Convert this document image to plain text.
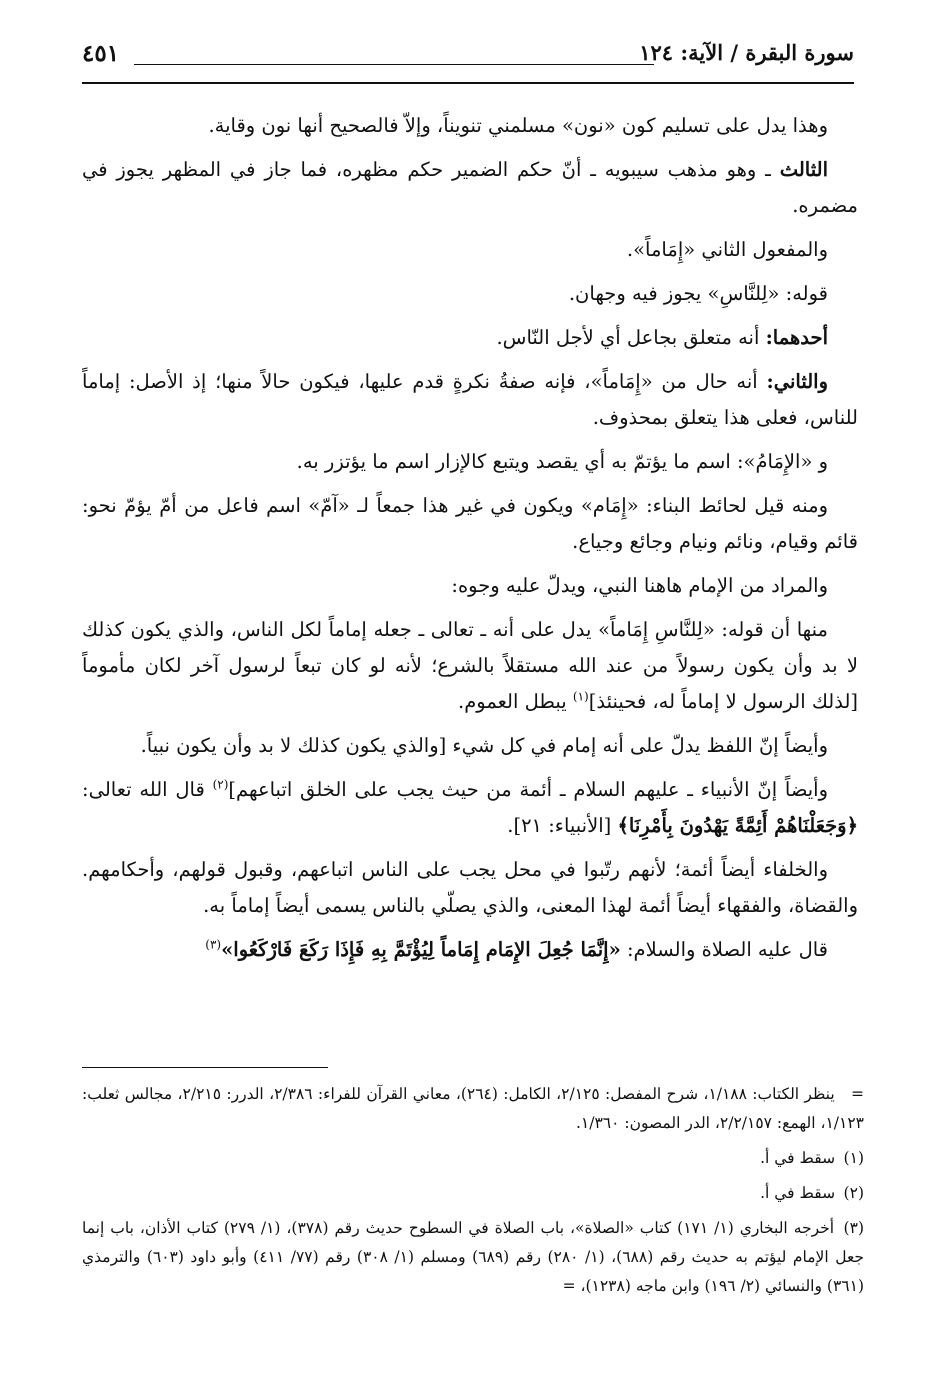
سورة البقرة / الآية: ١٢٤
٤٥١

وهذا يدل على تسليم كون «نون» مسلمني تنويناً، وإلاّ فالصحيح أنها نون وقاية.

الثالث ـ وهو مذهب سيبويه ـ أنّ حكم الضمير حكم مظهره، فما جاز في المظهر يجوز في مضمره.

والمفعول الثاني «إِمَاماً».

قوله: «لِلنَّاسِ» يجوز فيه وجهان.

أحدهما: أنه متعلق بجاعل أي لأجل النّاس.

والثاني: أنه حال من «إِمَاماً»، فإنه صفةُ نكرةٍ قدم عليها، فيكون حالاً منها؛ إذ الأصل: إماماً للناس، فعلى هذا يتعلق بمحذوف.

و «الإِمَامُ»: اسم ما يؤتمّ به أي يقصد ويتبع كالإزار اسم ما يؤتزر به.

ومنه قيل لحائط البناء: «إِمَام» ويكون في غير هذا جمعاً لـ «آمّ» اسم فاعل من أمّ يؤمّ نحو: قائم وقيام، ونائم ونيام وجائع وجياع.

والمراد من الإمام هاهنا النبي، ويدلّ عليه وجوه:

منها أن قوله: «لِلنَّاسِ إِمَاماً» يدل على أنه ـ تعالى ـ جعله إماماً لكل الناس، والذي يكون كذلك لا بد وأن يكون رسولاً من عند الله مستقلاً بالشرع؛ لأنه لو كان تبعاً لرسول آخر لكان مأموماً [لذلك الرسول لا إماماً له، فحينئذ]$^{(١)}$ يبطل العموم.

وأيضاً إنّ اللفظ يدلّ على أنه إمام في كل شيء [والذي يكون كذلك لا بد وأن يكون نبياً.

وأيضاً إنّ الأنبياء ـ عليهم السلام ـ أئمة من حيث يجب على الخلق اتباعهم]$^{(٢)}$ قال الله تعالى: ﴿وَجَعَلْنَاهُمْ أَئِمَّةً يَهْدُونَ بِأَمْرِنَا﴾ [الأنبياء: ٢١].

والخلفاء أيضاً أئمة؛ لأنهم رتّبوا في محل يجب على الناس اتباعهم، وقبول قولهم، وأحكامهم. والقضاة، والفقهاء أيضاً أئمة لهذا المعنى، والذي يصلّي بالناس يسمى أيضاً إماماً به.

قال عليه الصلاة والسلام: «إِنَّمَا جُعِلَ الإِمَام إِمَاماً لِيُؤْتَمَّ بِهِ فَإِذَا رَكَعَ فَارْكَعُوا»$^{(٣)}$

= ينظر الكتاب: ١/١٨٨، شرح المفصل: ٢/١٢٥، الكامل: (٢٦٤)، معاني القرآن للفراء: ٢/٣٨٦، الدرر: ٢/٢١٥، مجالس ثعلب: ١/١٢٣، الهمع: ٢/٢/١٥٧، الدر المصون: ١/٣٦٠.

(١) سقط في أ.

(٢) سقط في أ.

(٣) أخرجه البخاري (١/ ١٧١) كتاب «الصلاة»، باب الصلاة في السطوح حديث رقم (٣٧٨)، (١/ ٢٧٩) كتاب الأذان، باب إنما جعل الإمام ليؤتم به حديث رقم (٦٨٨)، (١/ ٢٨٠) رقم (٦٨٩) ومسلم (١/ ٣٠٨) رقم (٧٧/ ٤١١) وأبو داود (٦٠٣) والترمذي (٣٦١) والنسائي (٢/ ١٩٦) وابن ماجه (١٢٣٨)، =
